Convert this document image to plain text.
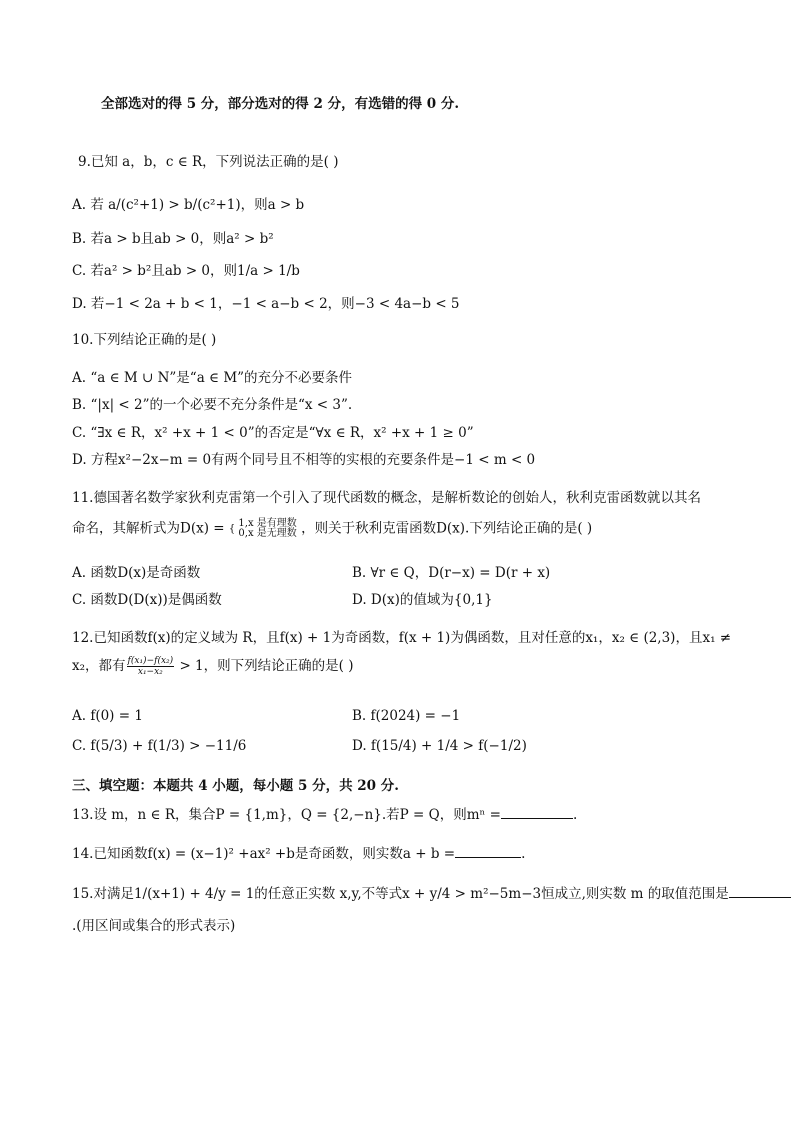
全部选对的得 5 分，部分选对的得 2 分，有选错的得 0 分.
9.已知 a，b，c ∈ R，下列说法正确的是( )
A. 若 a/(c²+1) > b/(c²+1)，则a > b
B. 若a > b且ab > 0，则a² > b²
C. 若a² > b²且ab > 0，则1/a > 1/b
D. 若−1 < 2a + b < 1，−1 < a−b < 2，则−3 < 4a−b < 5
10.下列结论正确的是( )
A. “a ∈ M ∪ N”是“a ∈ M”的充分不必要条件
B. “|x| < 2”的一个必要不充分条件是“x < 3”.
C. “∃x ∈ R，x² +x + 1 < 0”的否定是“∀x ∈ R，x² +x + 1 ≥ 0”
D. 方程x²−2x−m = 0有两个同号且不相等的实根的充要条件是−1 < m < 0
11.德国著名数学家狄利克雷第一个引入了现代函数的概念，是解析数论的创始人，秋利克雷函数就以其名
命名，其解析式为D(x) = { 1,x 是有理数
0,x 是无理数 ，则关于秋利克雷函数D(x).下列结论正确的是( )
A. 函数D(x)是奇函数	B. ∀r ∈ Q，D(r−x) = D(r + x)
C. 函数D(D(x))是偶函数	D. D(x)的值域为{0,1}
12.已知函数f(x)的定义域为 R，且f(x) + 1为奇函数，f(x + 1)为偶函数，且对任意的x₁，x₂ ∈ (2,3)，且x₁ ≠
x₂，都有 $\frac{\text{f(x₁)−f(x₂)}}{\text{x₁−x₂}} > 1$，则下列结论正确的是( )
A. f(0) = 1	B. f(2024) = −1
C. f(5/3) + f(1/3) > −11/6	D. f(15/4) + 1/4 > f(−1/2)
三、填空题：本题共 4 小题，每小题 5 分，共 20 分.
13.设 m，n ∈ R，集合P = {1,m}，Q = {2,−n}.若P = Q，则mⁿ =	.
14.已知函数f(x) = (x−1)² +ax² +b是奇函数，则实数a + b =	.
15.对满足1/(x+1) + 4/y = 1的任意正实数 x,y,不等式x + y/4 > m²−5m−3恒成立,则实数 m 的取值范围是
.(用区间或集合的形式表示)
